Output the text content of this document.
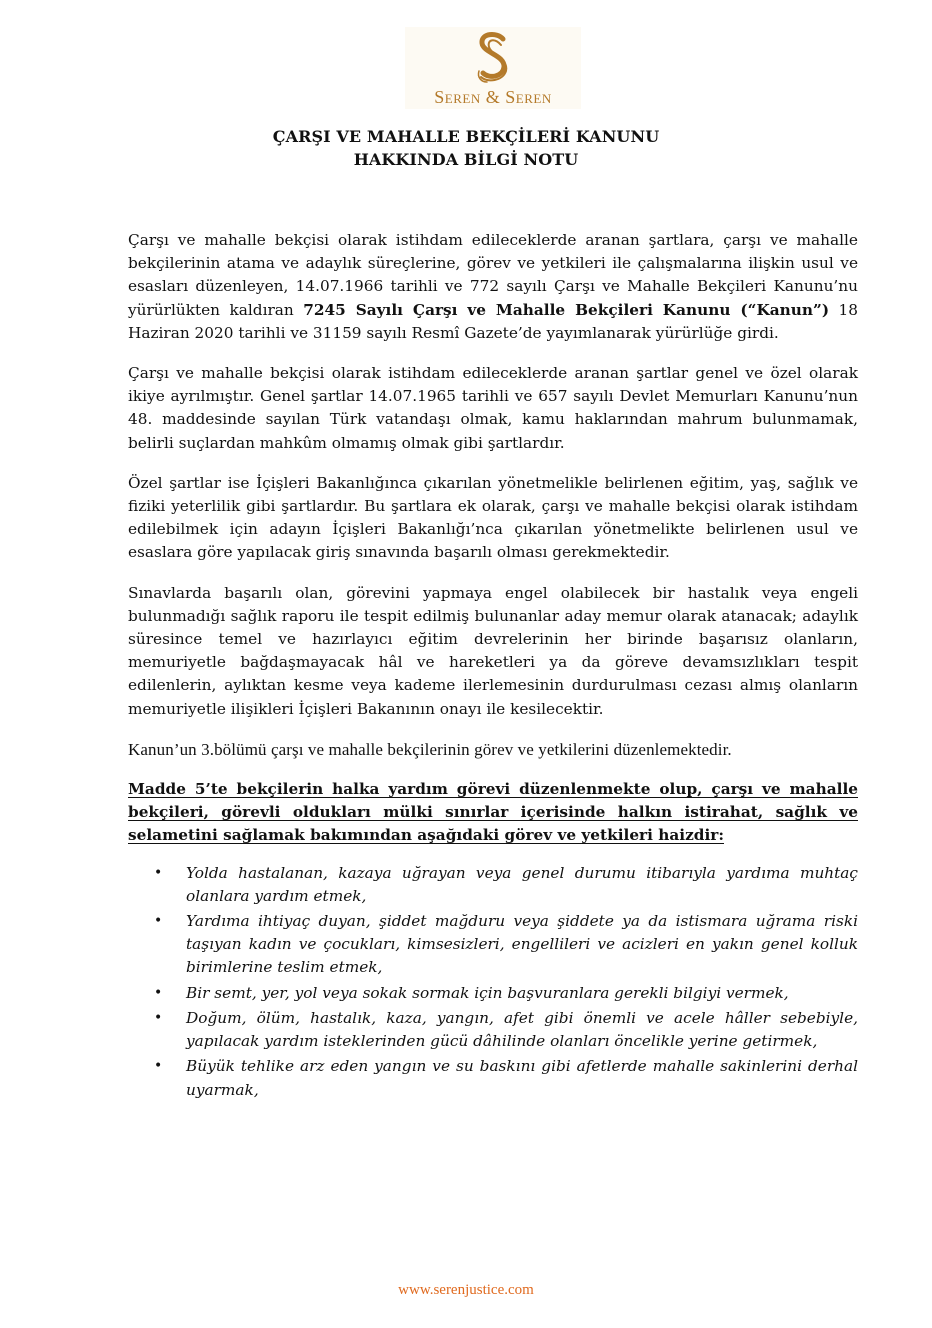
Seren & Seren
ÇARŞI VE MAHALLE BEKÇİLERİ KANUNU
HAKKINDA BİLGİ NOTU

Çarşı ve mahalle bekçisi olarak istihdam edileceklerde aranan şartlara, çarşı ve mahalle bekçilerinin atama ve adaylık süreçlerine, görev ve yetkileri ile çalışmalarına ilişkin usul ve esasları düzenleyen, 14.07.1966 tarihli ve 772 sayılı Çarşı ve Mahalle Bekçileri Kanunu’nu yürürlükten kaldıran 7245 Sayılı Çarşı ve Mahalle Bekçileri Kanunu (“Kanun”) 18 Haziran 2020 tarihli ve 31159 sayılı Resmî Gazete’de yayımlanarak yürürlüğe girdi.

Çarşı ve mahalle bekçisi olarak istihdam edileceklerde aranan şartlar genel ve özel olarak ikiye ayrılmıştır. Genel şartlar 14.07.1965 tarihli ve 657 sayılı Devlet Memurları Kanunu’nun 48. maddesinde sayılan Türk vatandaşı olmak, kamu haklarından mahrum bulunmamak, belirli suçlardan mahkûm olmamış olmak gibi şartlardır.

Özel şartlar ise İçişleri Bakanlığınca çıkarılan yönetmelikle belirlenen eğitim, yaş, sağlık ve fiziki yeterlilik gibi şartlardır. Bu şartlara ek olarak, çarşı ve mahalle bekçisi olarak istihdam edilebilmek için adayın İçişleri Bakanlığı’nca çıkarılan yönetmelikte belirlenen usul ve esaslara göre yapılacak giriş sınavında başarılı olması gerekmektedir.

Sınavlarda başarılı olan, görevini yapmaya engel olabilecek bir hastalık veya engeli bulunmadığı sağlık raporu ile tespit edilmiş bulunanlar aday memur olarak atanacak; adaylık süresince temel ve hazırlayıcı eğitim devrelerinin her birinde başarısız olanların, memuriyetle bağdaşmayacak hâl ve hareketleri ya da göreve devamsızlıkları tespit edilenlerin, aylıktan kesme veya kademe ilerlemesinin durdurulması cezası almış olanların memuriyetle ilişikleri İçişleri Bakanının onayı ile kesilecektir.

Kanun’un 3.bölümü çarşı ve mahalle bekçilerinin görev ve yetkilerini düzenlemektedir.

Madde 5’te bekçilerin halka yardım görevi düzenlenmekte olup, çarşı ve mahalle bekçileri, görevli oldukları mülki sınırlar içerisinde halkın istirahat, sağlık ve selametini sağlamak bakımından aşağıdaki görev ve yetkileri haizdir:

• Yolda hastalanan, kazaya uğrayan veya genel durumu itibarıyla yardıma muhtaç olanlara yardım etmek,
• Yardıma ihtiyaç duyan, şiddet mağduru veya şiddete ya da istismara uğrama riski taşıyan kadın ve çocukları, kimsesizleri, engellileri ve acizleri en yakın genel kolluk birimlerine teslim etmek,
• Bir semt, yer, yol veya sokak sormak için başvuranlara gerekli bilgiyi vermek,
• Doğum, ölüm, hastalık, kaza, yangın, afet gibi önemli ve acele hâller sebebiyle, yapılacak yardım isteklerinden gücü dâhilinde olanları öncelikle yerine getirmek,
• Büyük tehlike arz eden yangın ve su baskını gibi afetlerde mahalle sakinlerini derhal uyarmak,
www.serenjustice.com
